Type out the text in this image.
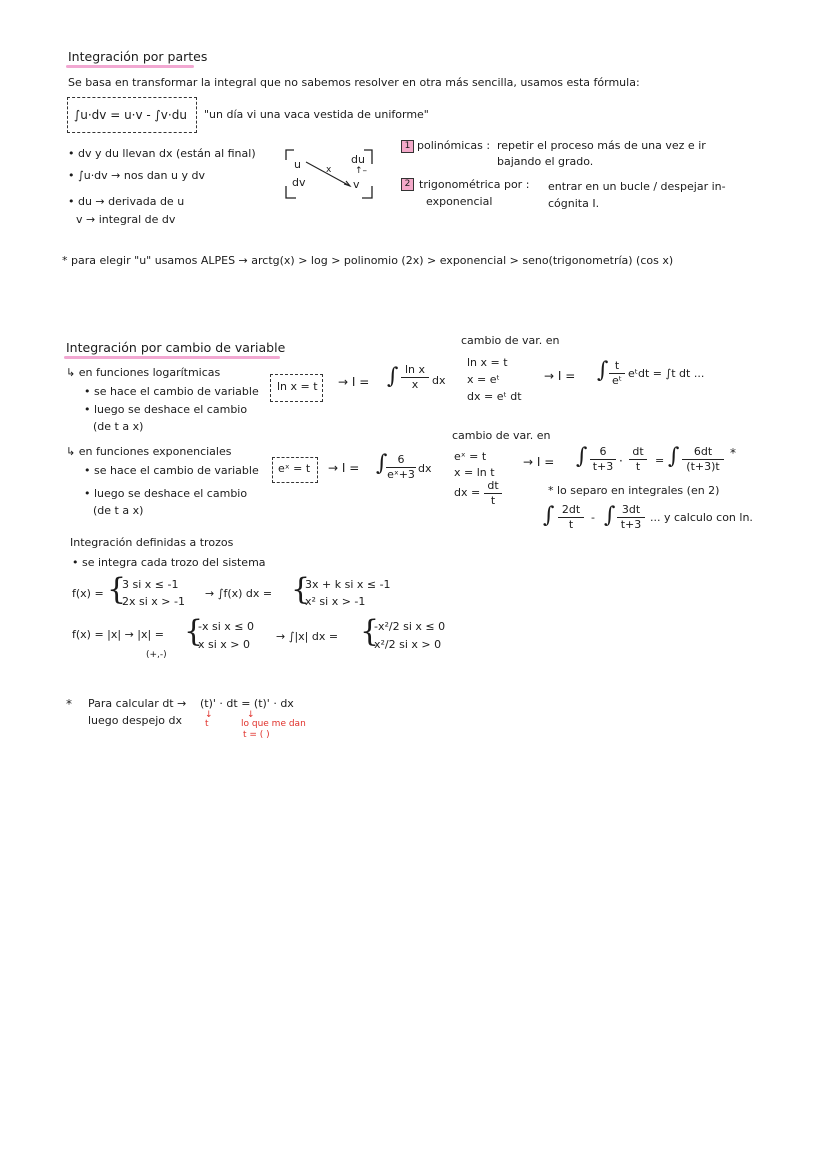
Integración por partes
Se basa en transformar la integral que no sabemos resolver en otra más sencilla, usamos esta fórmula:
∫u·dv = u·v - ∫v·du "un día vi una vaca vestida de uniforme"
• dv y du llevan dx (están al final)
• ∫u·dv → nos dan u y dv
• du → derivada de u
v → integral de dv
u	du
x	↑–
dv	v
1 polinómicas : repetir el proceso más de una vez e ir
bajando el grado.
2 trigonométrica por :
exponencial
entrar en un bucle / despejar in-
cógnita I.
* para elegir "u" usamos ALPES → arctg(x) > log > polinomio (2x) > exponencial > seno(trigonometría) (cos x)
Integración por cambio de variable
↳ en funciones logarítmicas
• se hace el cambio de variable ln x = t
• luego se deshace el cambio
(de t a x)
→ I = ∫ ln x
x dx
↳ en funciones exponenciales
• se hace el cambio de variable eˣ = t
• luego se deshace el cambio
(de t a x)
→ I = ∫ 6
eˣ+3 dx
cambio de var. en
ln x = t
x = eᵗ
dx = eᵗ dt
→ I = ∫ t
eᵗ
eᵗdt = ∫t dt ...
cambio de var. en
eˣ = t
x = ln t
dx =
dt
t
→ I = ∫ 6
t+3 ·
dt
t = ∫ 6dt
(t+3)t
*
* lo separo en integrales (en 2)
∫ 2dt
t
- ∫ 3dt
t+3
... y calculo con ln.
Integración definidas a trozos
• se integra cada trozo del sistema
f(x) = {
3 si x ≤ -1
2x si x > -1
→ ∫f(x) dx = {
3x + k si x ≤ -1
x² si x > -1
f(x) = |x| → |x| = {
-x si x ≤ 0
x si x > 0
(+,-)
→ ∫|x| dx = {
-x²/2 si x ≤ 0
x²/2 si x > 0
* Para calcular dt →
luego despejo dx
(t)' · dt = (t)' · dx
↓
t
↓
lo que me dan
t = ( )
